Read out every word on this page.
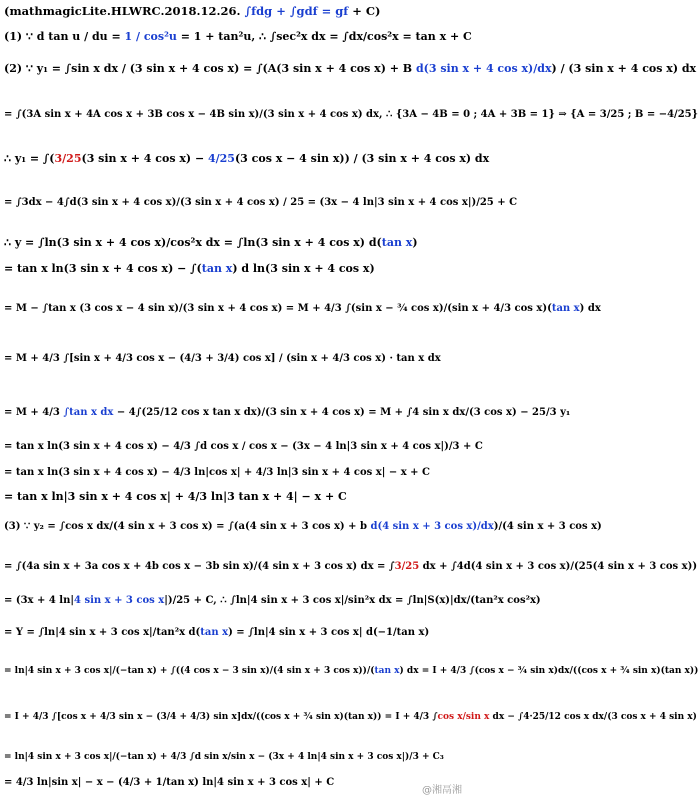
(mathmagicLite.HLWRC.2018.12.26. ∫fdg + ∫gdf = gf + C)
(1) ∵ d tan u / du = 1 / cos²u = 1 + tan²u, ∴ ∫sec²x dx = ∫dx/cos²x = tan x + C
(2) ∵ y₁ = ∫sin x dx / (3 sin x + 4 cos x) = ∫(A(3 sin x + 4 cos x) + B d(3 sin x + 4 cos x)/dx) / (3 sin x + 4 cos x) dx
= ∫(3A sin x + 4A cos x + 3B cos x − 4B sin x)/(3 sin x + 4 cos x) dx, ∴ {3A − 4B = 0 ; 4A + 3B = 1} ⇒ {A = 3/25 ; B = −4/25}
∴ y₁ = ∫(3/25(3 sin x + 4 cos x) − 4/25(3 cos x − 4 sin x)) / (3 sin x + 4 cos x) dx
= ∫3dx − 4∫d(3 sin x + 4 cos x)/(3 sin x + 4 cos x) / 25 = (3x − 4 ln|3 sin x + 4 cos x|)/25 + C
∴ y = ∫ln(3 sin x + 4 cos x)/cos²x dx = ∫ln(3 sin x + 4 cos x) d(tan x)
= tan x ln(3 sin x + 4 cos x) − ∫(tan x) d ln(3 sin x + 4 cos x)
= M − ∫tan x (3 cos x − 4 sin x)/(3 sin x + 4 cos x) = M + 4/3 ∫(sin x − ¾ cos x)/(sin x + 4/3 cos x)(tan x) dx
= M + 4/3 ∫[sin x + 4/3 cos x − (4/3 + 3/4) cos x] / (sin x + 4/3 cos x) · tan x dx
= M + 4/3 ∫tan x dx − 4∫(25/12 cos x tan x dx)/(3 sin x + 4 cos x) = M + ∫4 sin x dx/(3 cos x) − 25/3 y₁
= tan x ln(3 sin x + 4 cos x) − 4/3 ∫d cos x / cos x − (3x − 4 ln|3 sin x + 4 cos x|)/3 + C
= tan x ln(3 sin x + 4 cos x) − 4/3 ln|cos x| + 4/3 ln|3 sin x + 4 cos x| − x + C
= tan x ln|3 sin x + 4 cos x| + 4/3 ln|3 tan x + 4| − x + C
(3) ∵ y₂ = ∫cos x dx/(4 sin x + 3 cos x) = ∫(a(4 sin x + 3 cos x) + b d(4 sin x + 3 cos x)/dx)/(4 sin x + 3 cos x)
= ∫(4a sin x + 3a cos x + 4b cos x − 3b sin x)/(4 sin x + 3 cos x) dx = ∫3/25 dx + ∫4d(4 sin x + 3 cos x)/(25(4 sin x + 3 cos x))
= (3x + 4 ln|4 sin x + 3 cos x|)/25 + C, ∴ ∫ln|4 sin x + 3 cos x|/sin²x dx = ∫ln|S(x)|dx/(tan²x cos²x)
= Y = ∫ln|4 sin x + 3 cos x|/tan²x d(tan x) = ∫ln|4 sin x + 3 cos x| d(−1/tan x)
= ln|4 sin x + 3 cos x|/(−tan x) + ∫((4 cos x − 3 sin x)/(4 sin x + 3 cos x))/(tan x) dx = I + 4/3 ∫(cos x − ¾ sin x)dx/((cos x + ¾ sin x)(tan x))
= I + 4/3 ∫[cos x + 4/3 sin x − (3/4 + 4/3) sin x]dx/((cos x + ¾ sin x)(tan x)) = I + 4/3 ∫cos x/sin x dx − ∫4·25/12 cos x dx/(3 cos x + 4 sin x)
= ln|4 sin x + 3 cos x|/(−tan x) + 4/3 ∫d sin x/sin x − (3x + 4 ln|4 sin x + 3 cos x|)/3 + C₃
= 4/3 ln|sin x| − x − (4/3 + 1/tan x) ln|4 sin x + 3 cos x| + C
@湘鬲湘
